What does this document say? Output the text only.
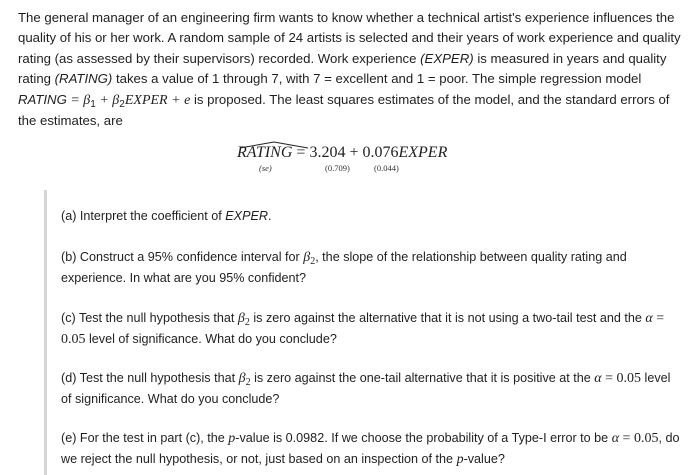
The general manager of an engineering firm wants to know whether a technical artist's experience influences the quality of his or her work. A random sample of 24 artists is selected and their years of work experience and quality rating (as assessed by their supervisors) recorded. Work experience (EXPER) is measured in years and quality rating (RATING) takes a value of 1 through 7, with 7 = excellent and 1 = poor. The simple regression model RATING = $\beta_1$ + $\beta_2EXPER + e$ is proposed. The least squares estimates of the model, and the standard errors of the estimates, are
RATING = 3.204 + 0.076EXPER
(se)	(0.709)	(0.044)
(a) Interpret the coefficient of EXPER.
(b) Construct a 95% confidence interval for $\beta_2$, the slope of the relationship between quality rating and experience. In what are you 95% confident?
(c) Test the null hypothesis that $\beta_2$ is zero against the alternative that it is not using a two-tail test and the α = 0.05 level of significance. What do you conclude?
(d) Test the null hypothesis that $\beta_2$ is zero against the one-tail alternative that it is positive at the α = 0.05 level of significance. What do you conclude?
(e) For the test in part (c), the p-value is 0.0982. If we choose the probability of a Type-I error to be α = 0.05, do we reject the null hypothesis, or not, just based on an inspection of the p-value?
